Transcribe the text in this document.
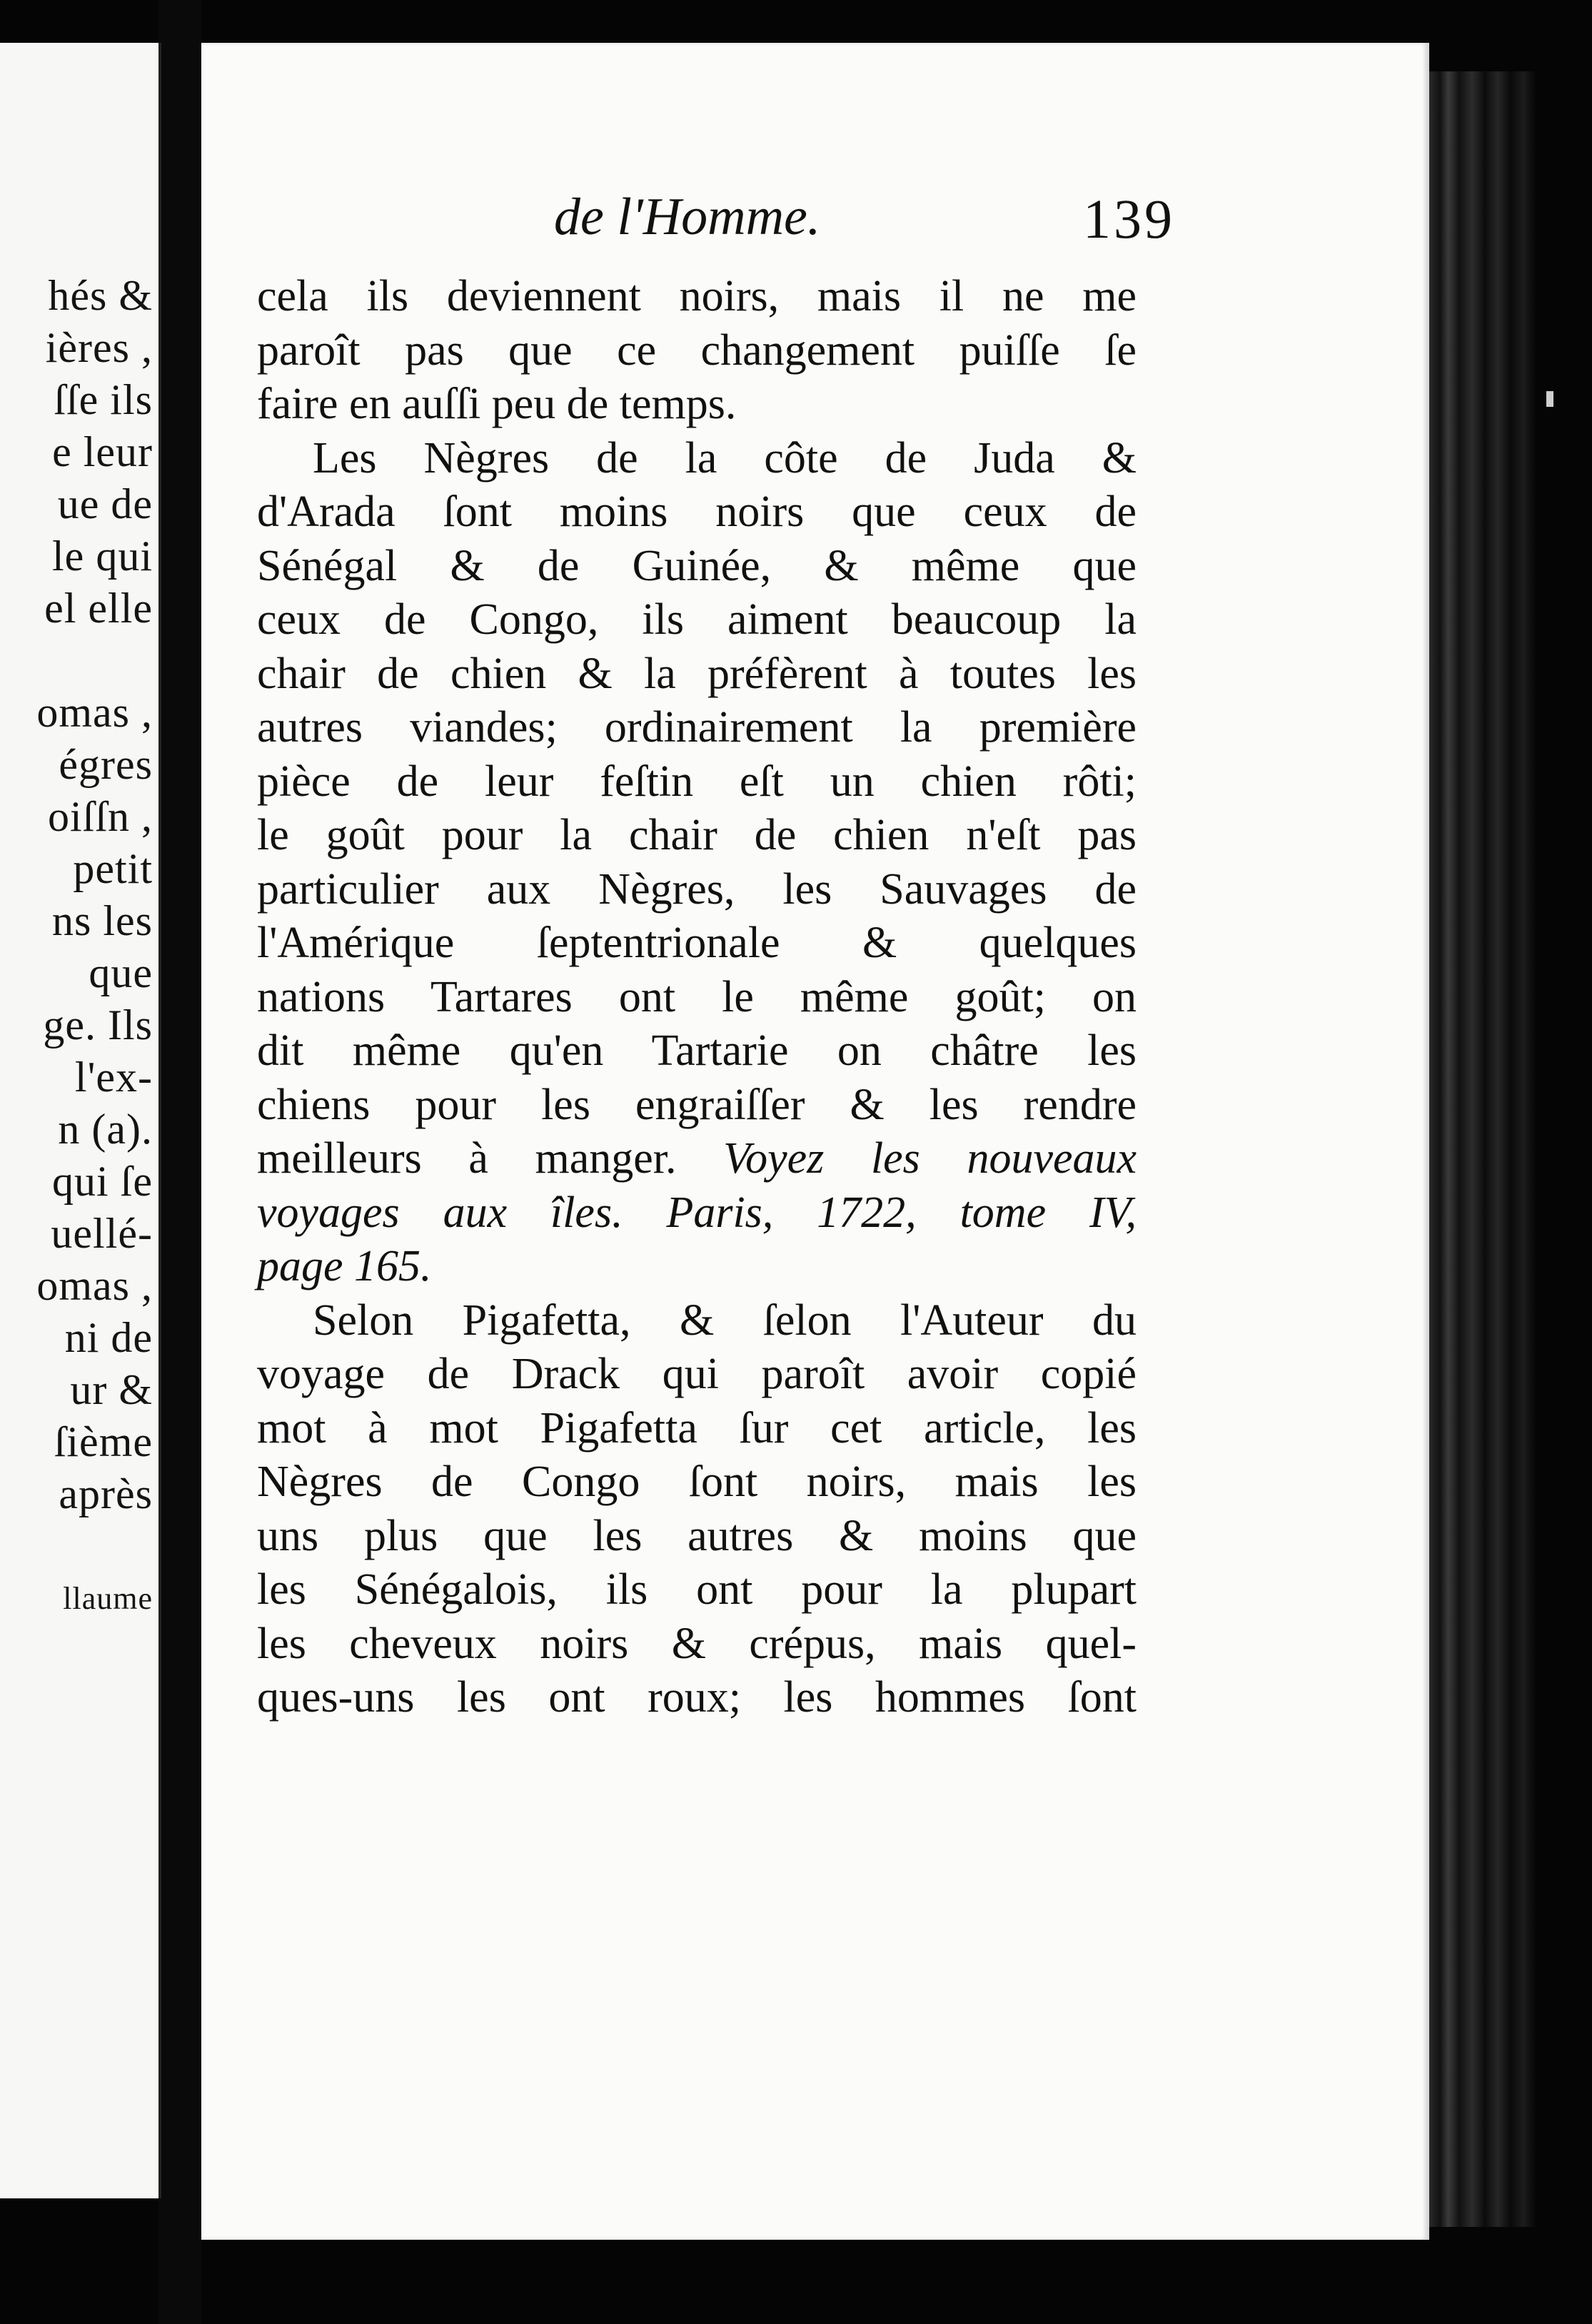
hés &
ières ,
ſſe ils
e leur
ue de
le qui
el elle
omas ,
égres
oiſſn ,
petit
ns les
que
ge. Ils
l'ex-
n (a).
qui ſe
uellé-
omas ,
ni de
ur &
ſième
après
llaume
de l'Homme.	139
cela ils deviennent noirs, mais il ne me
paroît pas que ce changement puiſſe ſe
faire en auſſi peu de temps.
Les Nègres de la côte de Juda &
d'Arada ſont moins noirs que ceux de
Sénégal & de Guinée, & même que
ceux de Congo, ils aiment beaucoup la
chair de chien & la préfèrent à toutes les
autres viandes; ordinairement la première
pièce de leur feſtin eſt un chien rôti;
le goût pour la chair de chien n'eſt pas
particulier aux Nègres, les Sauvages de
l'Amérique ſeptentrionale & quelques
nations Tartares ont le même goût; on
dit même qu'en Tartarie on châtre les
chiens pour les engraiſſer & les rendre
meilleurs à manger. Voyez les nouveaux
voyages aux îles. Paris, 1722, tome IV,
page 165.
Selon Pigafetta, & ſelon l'Auteur du
voyage de Drack qui paroît avoir copié
mot à mot Pigafetta ſur cet article, les
Nègres de Congo ſont noirs, mais les
uns plus que les autres & moins que
les Sénégalois, ils ont pour la plupart
les cheveux noirs & crépus, mais quel-
ques-uns les ont roux; les hommes ſont
